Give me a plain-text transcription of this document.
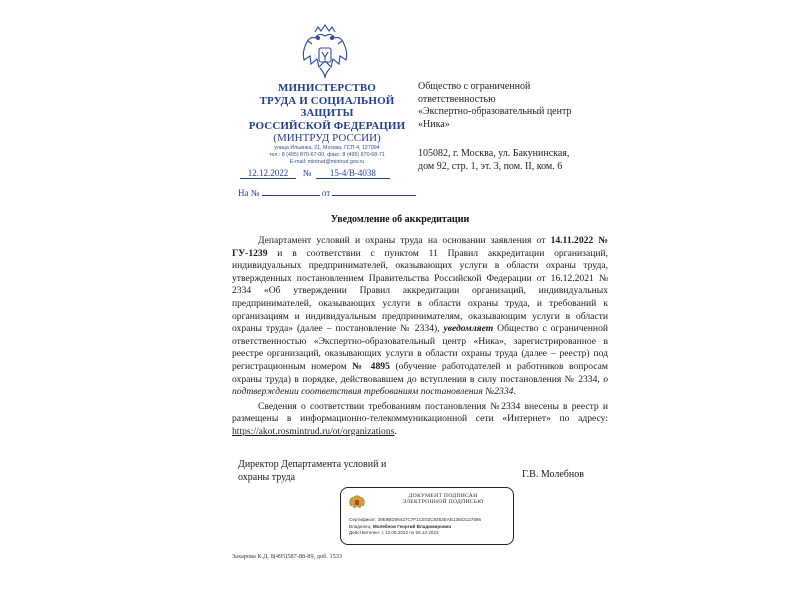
МИНИСТЕРСТВО
ТРУДА И СОЦИАЛЬНОЙ
ЗАЩИТЫ
РОССИЙСКОЙ ФЕДЕРАЦИИ
(МИНТРУД РОССИИ)
улица Ильинка, 21, Москва, ГСП-4, 127994
тел.: 8 (495) 870-67-00, факс: 8 (495) 870-68-71
E-mail: mintrud@mintrud.gov.ru
12.12.2022 № 15-4/В-4038
На №	от
Общество с ограниченной
ответственностью
«Экспертно-образовательный центр
«Ника»
105082, г. Москва, ул. Бакунинская,
дом 92, стр. 1, эт. 3, пом. II, ком. 6
Уведомление об аккредитации

Департамент условий и охраны труда на основании заявления от 14.11.2022 № ГУ-1239 и в соответствии с пунктом 11 Правил аккредитации организаций, индивидуальных предпринимателей, оказывающих услуги в области охраны труда, утвержденных постановлением Правительства Российской Федерации от 16.12.2021 № 2334 «Об утверждении Правил аккредитации организаций, индивидуальных предпринимателей, оказывающих услуги в области охраны труда, и требований к организациям и индивидуальным предпринимателям, оказывающим услуги в области охраны труда» (далее – постановление № 2334), уведомляет Общество с ограниченной ответственностью «Экспертно-образовательный центр «Ника», зарегистрированное в реестре организаций, оказывающих услуги в области охраны труда (далее – реестр) под регистрационным номером № 4895 (обучение работодателей и работников вопросам охраны труда) в порядке, действовавшем до вступления в силу постановления № 2334, о подтверждении соответствия требованиям постановления №2334.

Сведения о соответствии требованиям постановления №2334 внесены в реестр и размещены в информационно-телекоммуникационной сети «Интернет» по адресу: https://akot.rosmintrud.ru/ot/organizations.

Директор Департамента условий и
охраны труда	Г.В. Молебнов
ДОКУМЕНТ ПОДПИСАН
ЭЛЕКТРОННОЙ ПОДПИСЬЮ
Сертификат: 39E9BD06427C7F1CE02C9353EAE13603127586
Владелец: Молебнов Георгий Владимирович
Действителен: с 12.09.2022 по 06.12.2023
Захарова К.Д. 8(495)587-88-89, доб. 1533
